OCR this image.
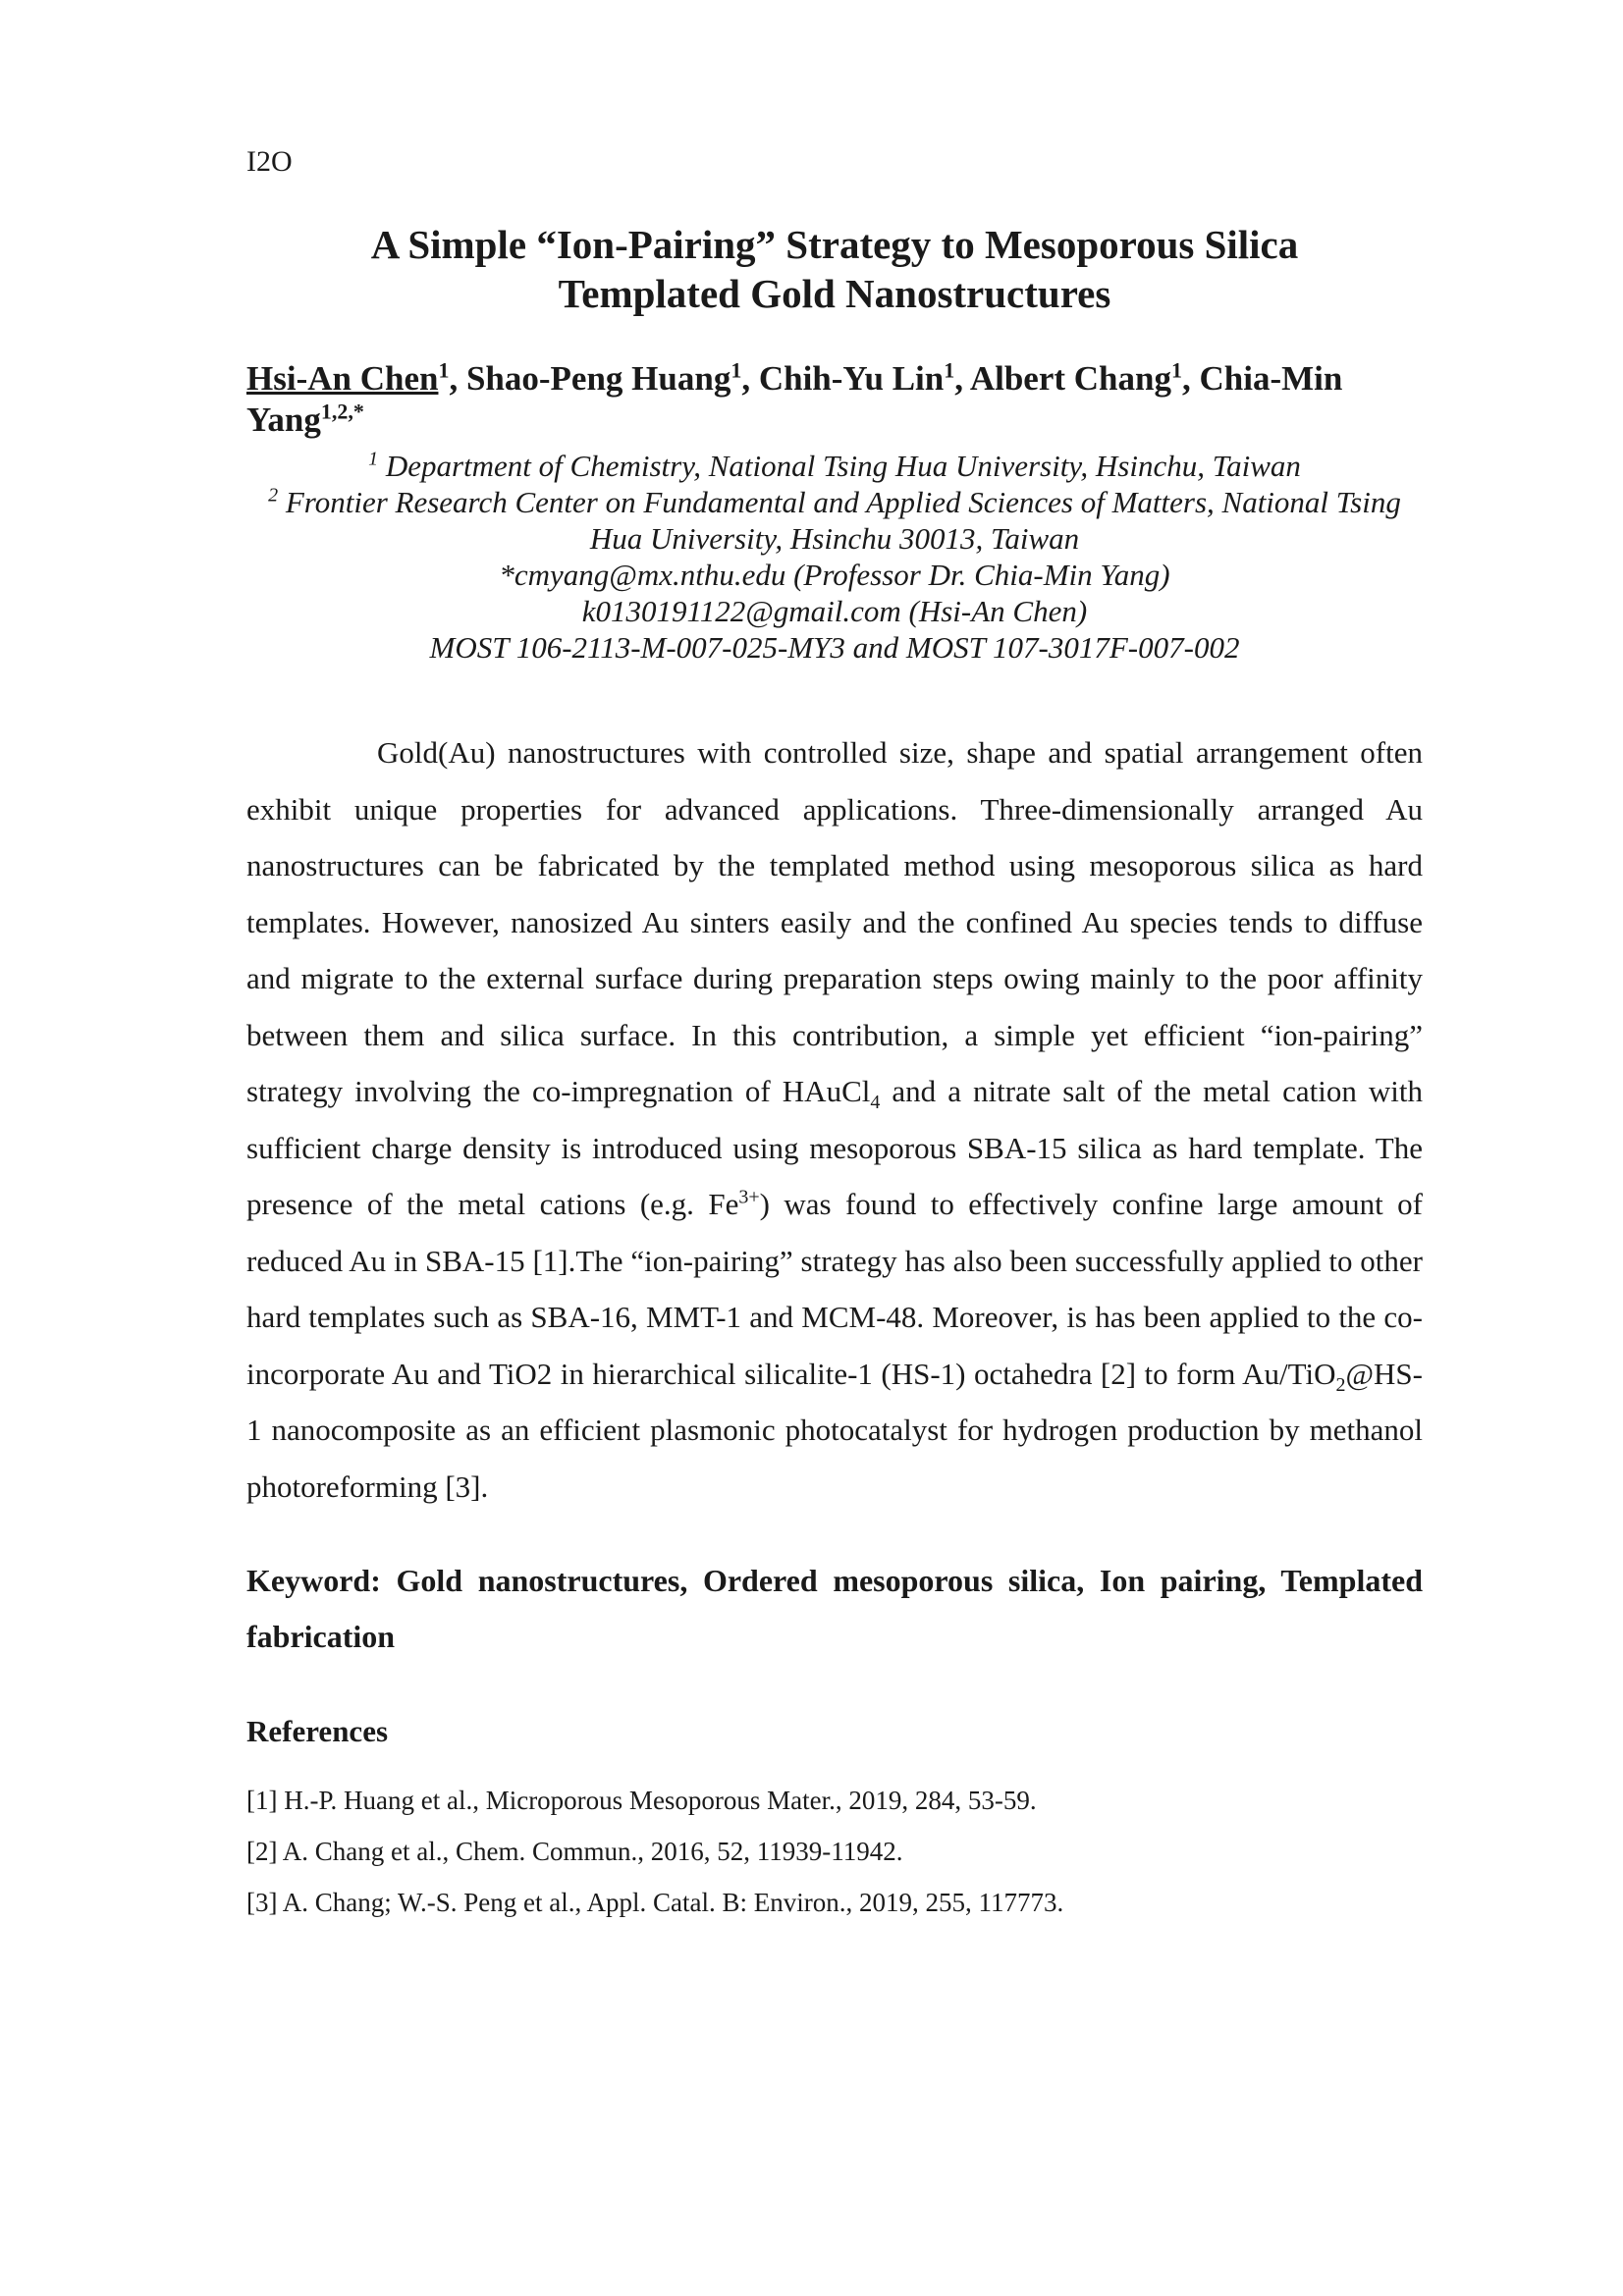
I2O
A Simple “Ion-Pairing” Strategy to Mesoporous Silica
Templated Gold Nanostructures
Hsi-An Chen$^1$, Shao-Peng Huang$^1$, Chih-Yu Lin$^1$, Albert Chang$^1$, Chia-Min Yang$^{1,2,*}$

$^1$ Department of Chemistry, National Tsing Hua University, Hsinchu, Taiwan

$^2$ Frontier Research Center on Fundamental and Applied Sciences of Matters, National Tsing Hua University, Hsinchu 30013, Taiwan

*cmyang@mx.nthu.edu (Professor Dr. Chia-Min Yang)

k0130191122@gmail.com (Hsi-An Chen)

MOST 106-2113-M-007-025-MY3 and MOST 107-3017F-007-002

Gold(Au) nanostructures with controlled size, shape and spatial arrangement often exhibit unique properties for advanced applications. Three-dimensionally arranged Au nanostructures can be fabricated by the templated method using mesoporous silica as hard templates. However, nanosized Au sinters easily and the confined Au species tends to diffuse and migrate to the external surface during preparation steps owing mainly to the poor affinity between them and silica surface. In this contribution, a simple yet efficient “ion-pairing” strategy involving the co-impregnation of HAuCl$_4$ and a nitrate salt of the metal cation with sufficient charge density is introduced using mesoporous SBA-15 silica as hard template. The presence of the metal cations (e.g. $Fe^{3+}$) was found to effectively confine large amount of reduced Au in SBA-15 [1].The “ion-pairing” strategy has also been successfully applied to other hard templates such as SBA-16, MMT-1 and MCM-48. Moreover, is has been applied to the co-incorporate Au and TiO2 in hierarchical silicalite-1 (HS-1) octahedra [2] to form Au/TiO$_2$@HS-1 nanocomposite as an efficient plasmonic photocatalyst for hydrogen production by methanol photoreforming [3].

Keyword: Gold nanostructures, Ordered mesoporous silica, Ion pairing, Templated fabrication
References
[1] H.-P. Huang et al., Microporous Mesoporous Mater., 2019, 284, 53-59.
[2] A. Chang et al., Chem. Commun., 2016, 52, 11939-11942.
[3] A. Chang; W.-S. Peng et al., Appl. Catal. B: Environ., 2019, 255, 117773.
